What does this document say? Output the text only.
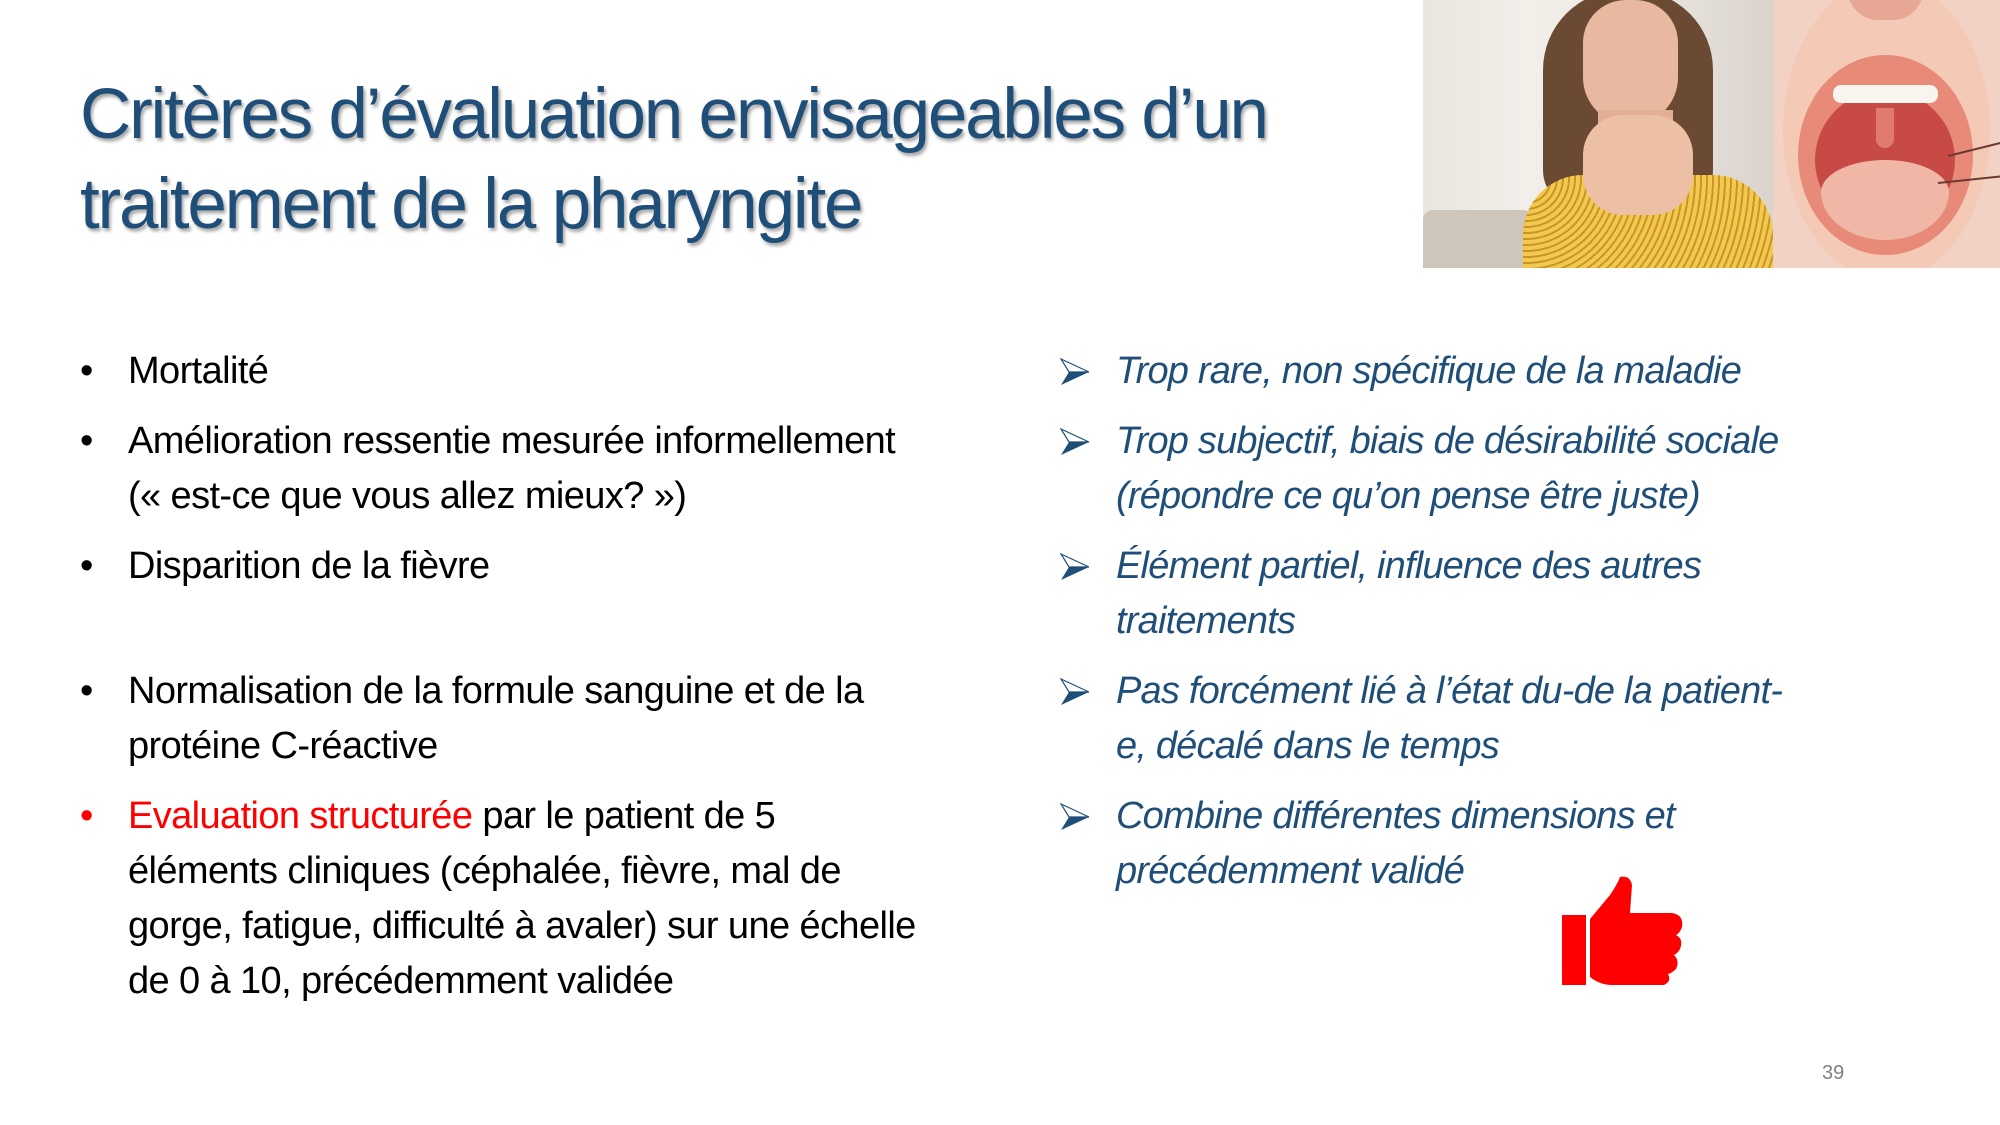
Critères d’évaluation envisageables d’un
traitement de la pharyngite
• Mortalité
• Amélioration ressentie mesurée informellement
(« est-ce que vous allez mieux? »)
• Disparition de la fièvre
• Normalisation de la formule sanguine et de la
protéine C-réactive
• Evaluation structurée par le patient de 5
éléments cliniques (céphalée, fièvre, mal de
gorge, fatigue, difficulté à avaler) sur une échelle
de 0 à 10, précédemment validée
Trop rare, non spécifique de la maladie
Trop subjectif, biais de désirabilité sociale
(répondre ce qu’on pense être juste)
Élément partiel, influence des autres
traitements
Pas forcément lié à l’état du-de la patient-
e, décalé dans le temps
Combine différentes dimensions et
précédemment validé
39
